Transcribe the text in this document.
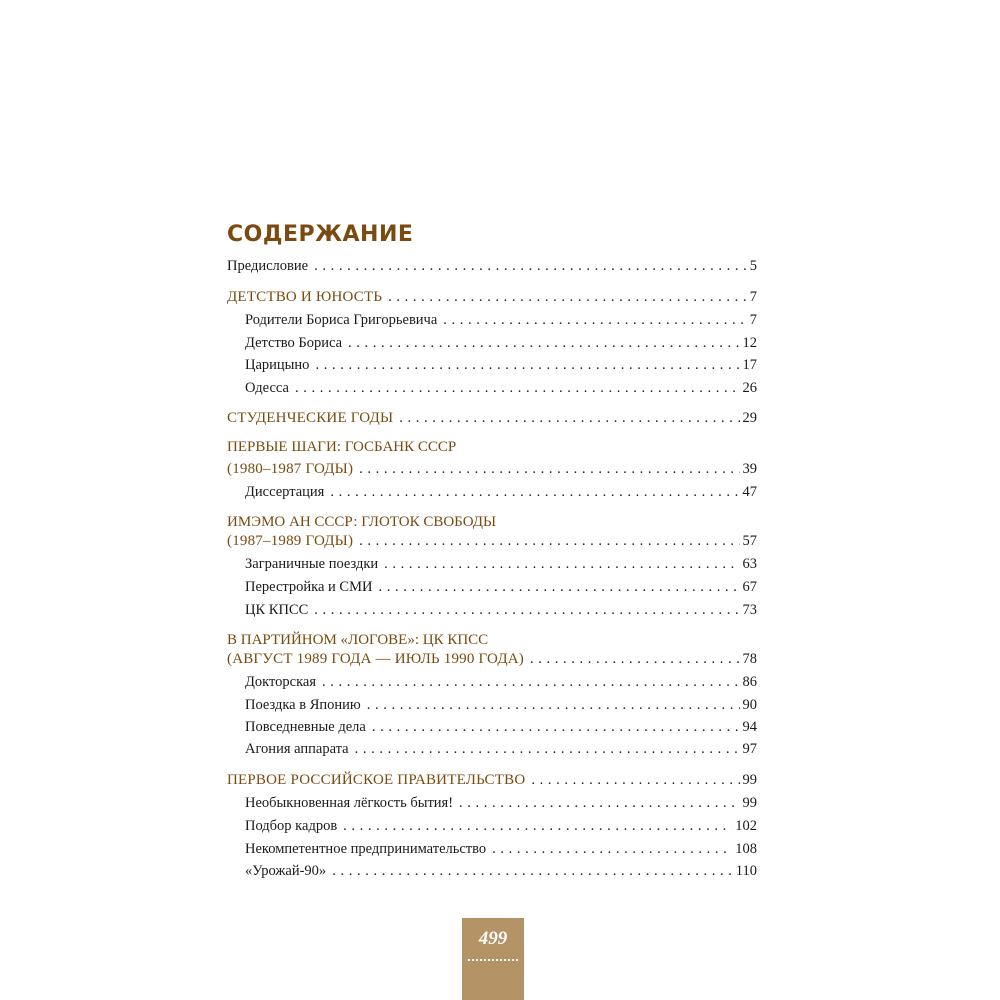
СОДЕРЖАНИЕ
Предисловие . . .	5
ДЕТСТВО И ЮНОСТЬ . . .	7
Родители Бориса Григорьевича . . .	7
Детство Бориса . . .	12
Царицыно . . .	17
Одесса . . .	26
СТУДЕНЧЕСКИЕ ГОДЫ . . .	29
ПЕРВЫЕ ШАГИ: ГОСБАНК СССР
(1980–1987 ГОДЫ) . . .	39
Диссертация . . .	47
ИМЭМО АН СССР: ГЛОТОК СВОБОДЫ
(1987–1989 ГОДЫ) . . .	57
Заграничные поездки . . .	63
Перестройка и СМИ . . .	67
ЦК КПСС . . .	73
В ПАРТИЙНОМ «ЛОГОВЕ»: ЦК КПСС
(АВГУСТ 1989 ГОДА — ИЮЛЬ 1990 ГОДА) . . .	78
Докторская . . .	86
Поездка в Японию . . .	90
Повседневные дела . . .	94
Агония аппарата . . .	97
ПЕРВОЕ РОССИЙСКОЕ ПРАВИТЕЛЬСТВО . . .	99
Необыкновенная лёгкость бытия! . . .	99
Подбор кадров . . .	102
Некомпетентное предпринимательство . . .	108
«Урожай-90» . . .	110
499
